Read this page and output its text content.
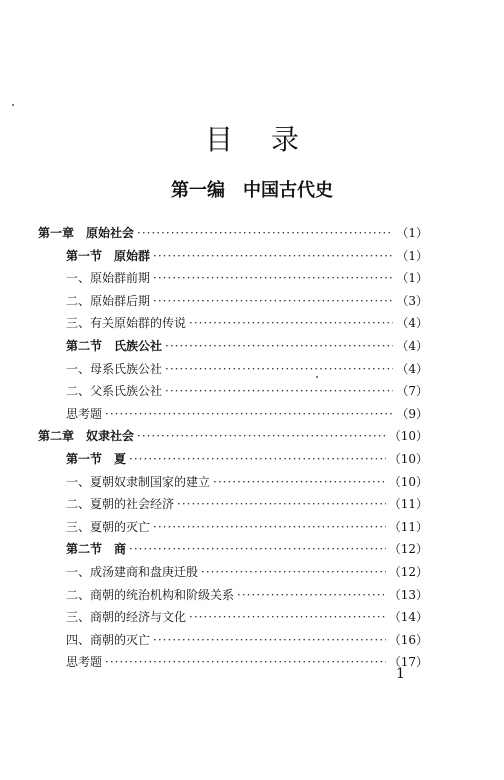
目录
第一编　中国古代史
第一章　原始社会 ·····	（1）
第一节　原始群 ·····	（1）
一、原始群前期 ·····	（1）
二、原始群后期 ·····	（3）
三、有关原始群的传说 ·····	（4）
第二节　氏族公社 ·····	（4）
一、母系氏族公社 ·····	（4）
二、父系氏族公社 ·····	（7）
思考题 ·····	（9）
第二章　奴隶社会 ·····	（10）
第一节　夏 ·····	（10）
一、夏朝奴隶制国家的建立 ·····	（10）
二、夏朝的社会经济 ·····	（11）
三、夏朝的灭亡 ·····	（11）
第二节　商 ·····	（12）
一、成汤建商和盘庚迁殷 ·····	（12）
二、商朝的统治机构和阶级关系 ·····	（13）
三、商朝的经济与文化 ·····	（14）
四、商朝的灭亡 ·····	（16）
思考题 ·····	（17）
1
